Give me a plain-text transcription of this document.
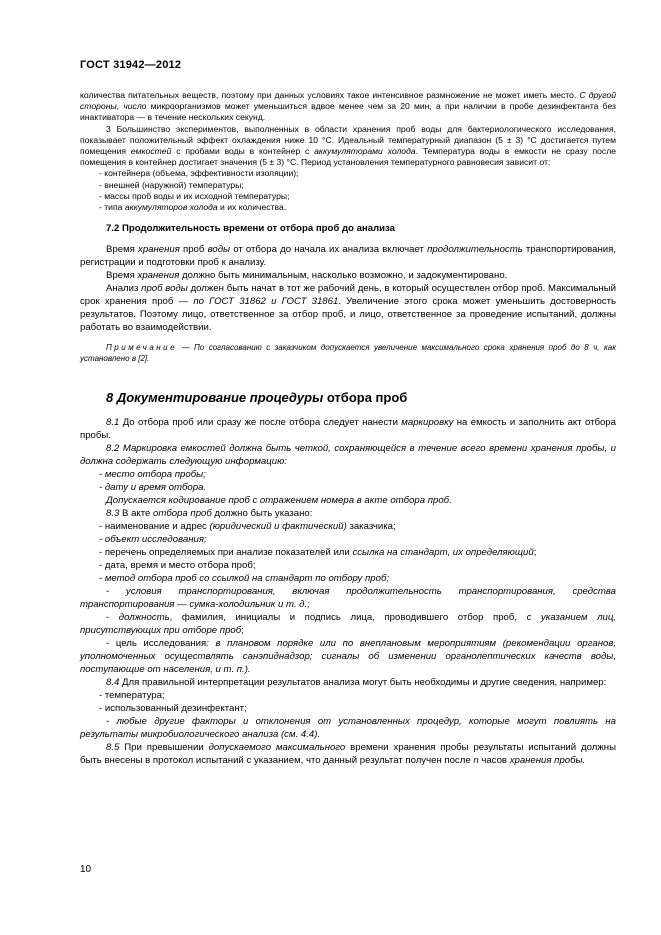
ГОСТ 31942—2012

количества питательных веществ, поэтому при данных условиях такое интенсивное размножение не может иметь место. С другой стороны, число микроорганизмов может уменьшиться вдвое менее чем за 20 мин, а при наличии в пробе дезинфектанта без инактиватора — в течение нескольких секунд.

3 Большинство экспериментов, выполненных в области хранения проб воды для бактериологического исследования, показывает положительный эффект охлаждения ниже 10 °С. Идеальный температурный диапазон (5 ± 3) °С достигается путем помещения емкостей с пробами воды в контейнер с аккумуляторами холода. Температура воды в емкости не сразу после помещения в контейнер достигает значения (5 ± 3) °С. Период установления температурного равновесия зависит от:

- контейнера (объема, эффективности изоляции);

- внешней (наружной) температуры;

- массы проб воды и их исходной температуры;

- типа аккумуляторов холода и их количества.

7.2 Продолжительность времени от отбора проб до анализа

Время хранения проб воды от отбора до начала их анализа включает продолжительность транспортирования, регистрации и подготовки проб к анализу.

Время хранения должно быть минимальным, насколько возможно, и задокументировано.

Анализ проб воды должен быть начат в тот же рабочий день, в который осуществлен отбор проб. Максимальный срок хранения проб — по ГОСТ 31862 и ГОСТ 31861. Увеличение этого срока может уменьшить достоверность результатов. Поэтому лицо, ответственное за отбор проб, и лицо, ответственное за проведение испытаний, должны работать во взаимодействии.

Примечание — По согласованию с заказчиком допускается увеличение максимального срока хранения проб до 8 ч, как установлено в [2].

8 Документирование процедуры отбора проб

8.1 До отбора проб или сразу же после отбора следует нанести маркировку на емкость и заполнить акт отбора пробы.

8.2 Маркировка емкостей должна быть четкой, сохраняющейся в течение всего времени хранения пробы, и должна содержать следующую информацию:

- место отбора пробы;

- дату и время отбора.

Допускается кодирование проб с отражением номера в акте отбора проб.

8.3 В акте отбора проб должно быть указано:

- наименование и адрес (юридический и фактический) заказчика;

- объект исследования;

- перечень определяемых при анализе показателей или ссылка на стандарт, их определяющий;

- дата, время и место отбора проб;

- метод отбора проб со ссылкой на стандарт по отбору проб;

- условия транспортирования, включая продолжительность транспортирования, средства транспортирования — сумка-холодильник и т. д.;

- должность, фамилия, инициалы и подпись лица, проводившего отбор проб, с указанием лиц, присутствующих при отборе проб;

- цель исследования: в плановом порядке или по внеплановым мероприятиям (рекомендации органов, уполномоченных осуществлять санэпиднадзор; сигналы об изменении органолептических качеств воды, поступающие от населения, и т. п.).

8.4 Для правильной интерпретации результатов анализа могут быть необходимы и другие сведения, например:

- температура;

- использованный дезинфектант;

- любые другие факторы и отклонения от установленных процедур, которые могут повлиять на результаты микробиологического анализа (см. 4.4).

8.5 При превышении допускаемого максимального времени хранения пробы результаты испытаний должны быть внесены в протокол испытаний с указанием, что данный результат получен после n часов хранения пробы.

10
